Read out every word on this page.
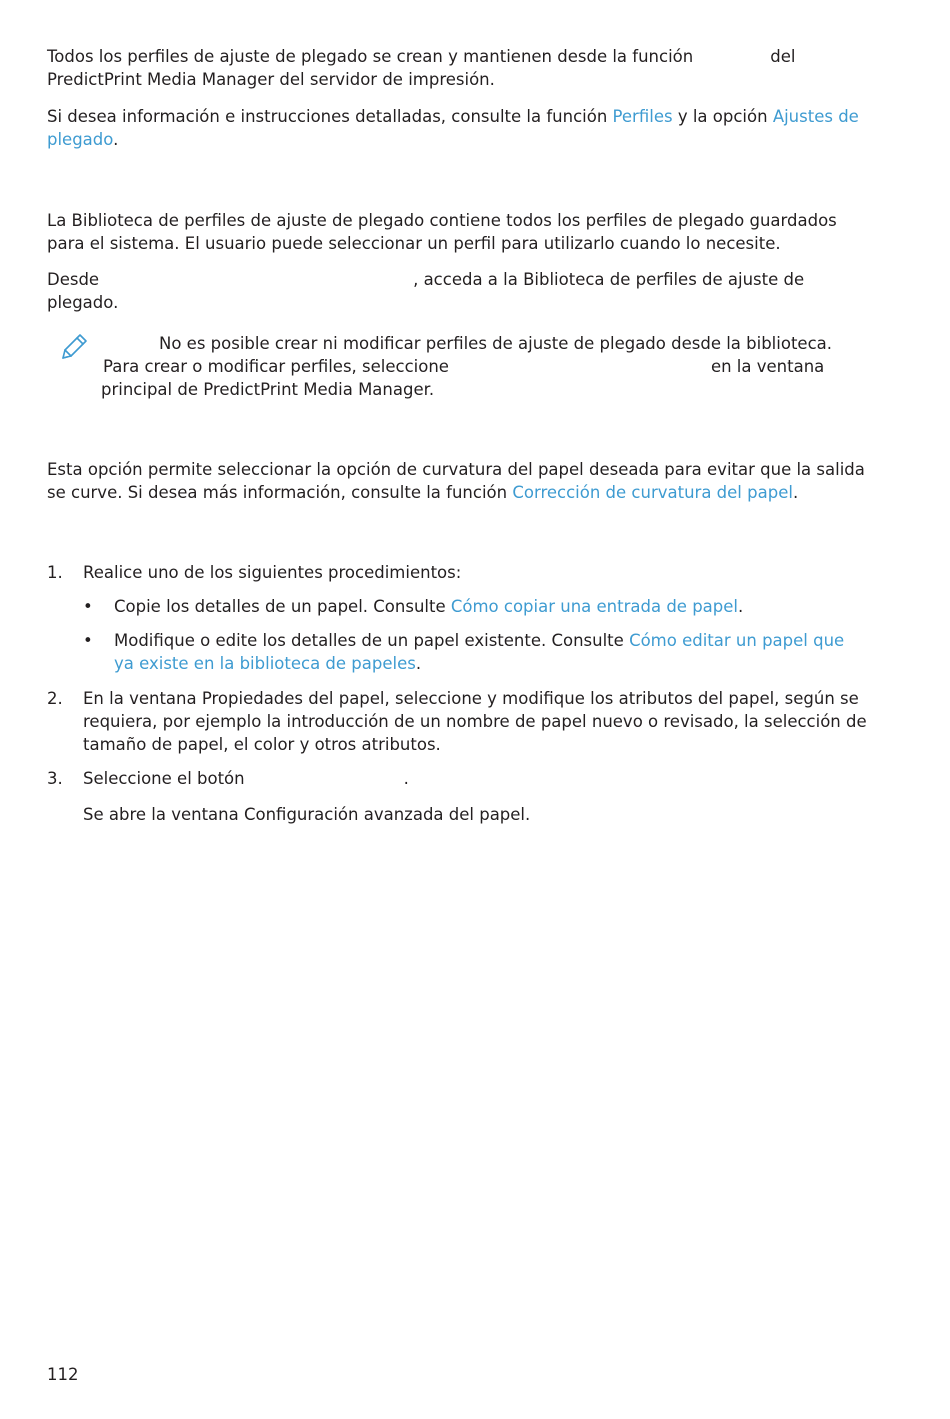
Todos los perfiles de ajuste de plegado se crean y mantienen desde la función	del
PredictPrint Media Manager del servidor de impresión.
Si desea información e instrucciones detalladas, consulte la función Perfiles y la opción Ajustes de
plegado.
La Biblioteca de perfiles de ajuste de plegado contiene todos los perfiles de plegado guardados
para el sistema. El usuario puede seleccionar un perfil para utilizarlo cuando lo necesite.
Desde	, acceda a la Biblioteca de perfiles de ajuste de
plegado.
No es posible crear ni modificar perfiles de ajuste de plegado desde la biblioteca.
Para crear o modificar perfiles, seleccione	en la ventana
principal de PredictPrint Media Manager.
Esta opción permite seleccionar la opción de curvatura del papel deseada para evitar que la salida
se curve. Si desea más información, consulte la función Corrección de curvatura del papel.
1. Realice uno de los siguientes procedimientos:
• Copie los detalles de un papel. Consulte Cómo copiar una entrada de papel.
• Modifique o edite los detalles de un papel existente. Consulte Cómo editar un papel que
ya existe en la biblioteca de papeles.
2. En la ventana Propiedades del papel, seleccione y modifique los atributos del papel, según se
requiera, por ejemplo la introducción de un nombre de papel nuevo o revisado, la selección de
tamaño de papel, el color y otros atributos.
3. Seleccione el botón	.
Se abre la ventana Configuración avanzada del papel.
112
